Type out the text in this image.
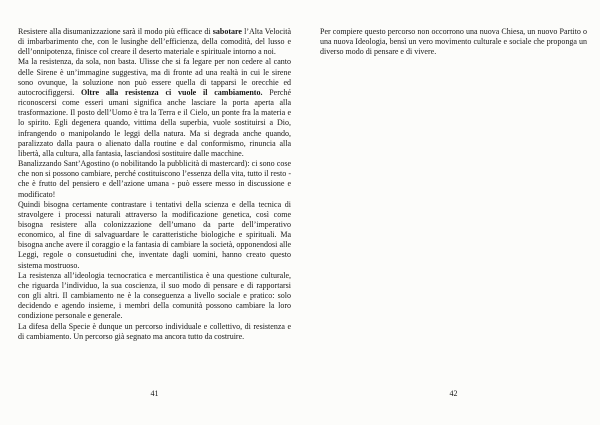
Resistere alla disumanizzazione sarà il modo più efficace di sabotare l’Alta Velocità di imbarbarimento che, con le lusinghe dell’efficienza, della comodità, del lusso e dell’onnipotenza, finisce col creare il deserto materiale e spirituale intorno a noi.

Ma la resistenza, da sola, non basta. Ulisse che si fa legare per non cedere al canto delle Sirene è un’immagine suggestiva, ma di fronte ad una realtà in cui le sirene sono ovunque, la soluzione non può essere quella di tapparsi le orecchie ed autocrocifiggersi. Oltre alla resistenza ci vuole il cambiamento. Perché riconoscersi come esseri umani significa anche lasciare la porta aperta alla trasformazione. Il posto dell’Uomo è tra la Terra e il Cielo, un ponte fra la materia e lo spirito. Egli degenera quando, vittima della superbia, vuole sostituirsi a Dio, infrangendo o manipolando le leggi della natura. Ma si degrada anche quando, paralizzato dalla paura o alienato dalla routine e dal conformismo, rinuncia alla libertà, alla cultura, alla fantasia, lasciandosi sostituire dalle macchine.

Banalizzando Sant’Agostino (o nobilitando la pubblicità di mastercard): ci sono cose che non si possono cambiare, perché costituiscono l’essenza della vita, tutto il resto - che è frutto del pensiero e dell’azione umana - può essere messo in discussione e modificato!

Quindi bisogna certamente contrastare i tentativi della scienza e della tecnica di stravolgere i processi naturali attraverso la modificazione genetica, così come bisogna resistere alla colonizzazione dell’umano da parte dell’imperativo economico, al fine di salvaguardare le caratteristiche biologiche e spirituali. Ma bisogna anche avere il coraggio e la fantasia di cambiare la società, opponendosi alle Leggi, regole o consuetudini che, inventate dagli uomini, hanno creato questo sistema mostruoso.

La resistenza all’ideologia tecnocratica e mercantilistica è una questione culturale, che riguarda l’individuo, la sua coscienza, il suo modo di pensare e di rapportarsi con gli altri. Il cambiamento ne è la conseguenza a livello sociale e pratico: solo decidendo e agendo insieme, i membri della comunità possono cambiare la loro condizione personale e generale.

La difesa della Specie è dunque un percorso individuale e collettivo, di resistenza e di cambiamento. Un percorso già segnato ma ancora tutto da costruire.

41

Per compiere questo percorso non occorrono una nuova Chiesa, un nuovo Partito o una nuova Ideologia, bensì un vero movimento culturale e sociale che proponga un diverso modo di pensare e di vivere.

42
